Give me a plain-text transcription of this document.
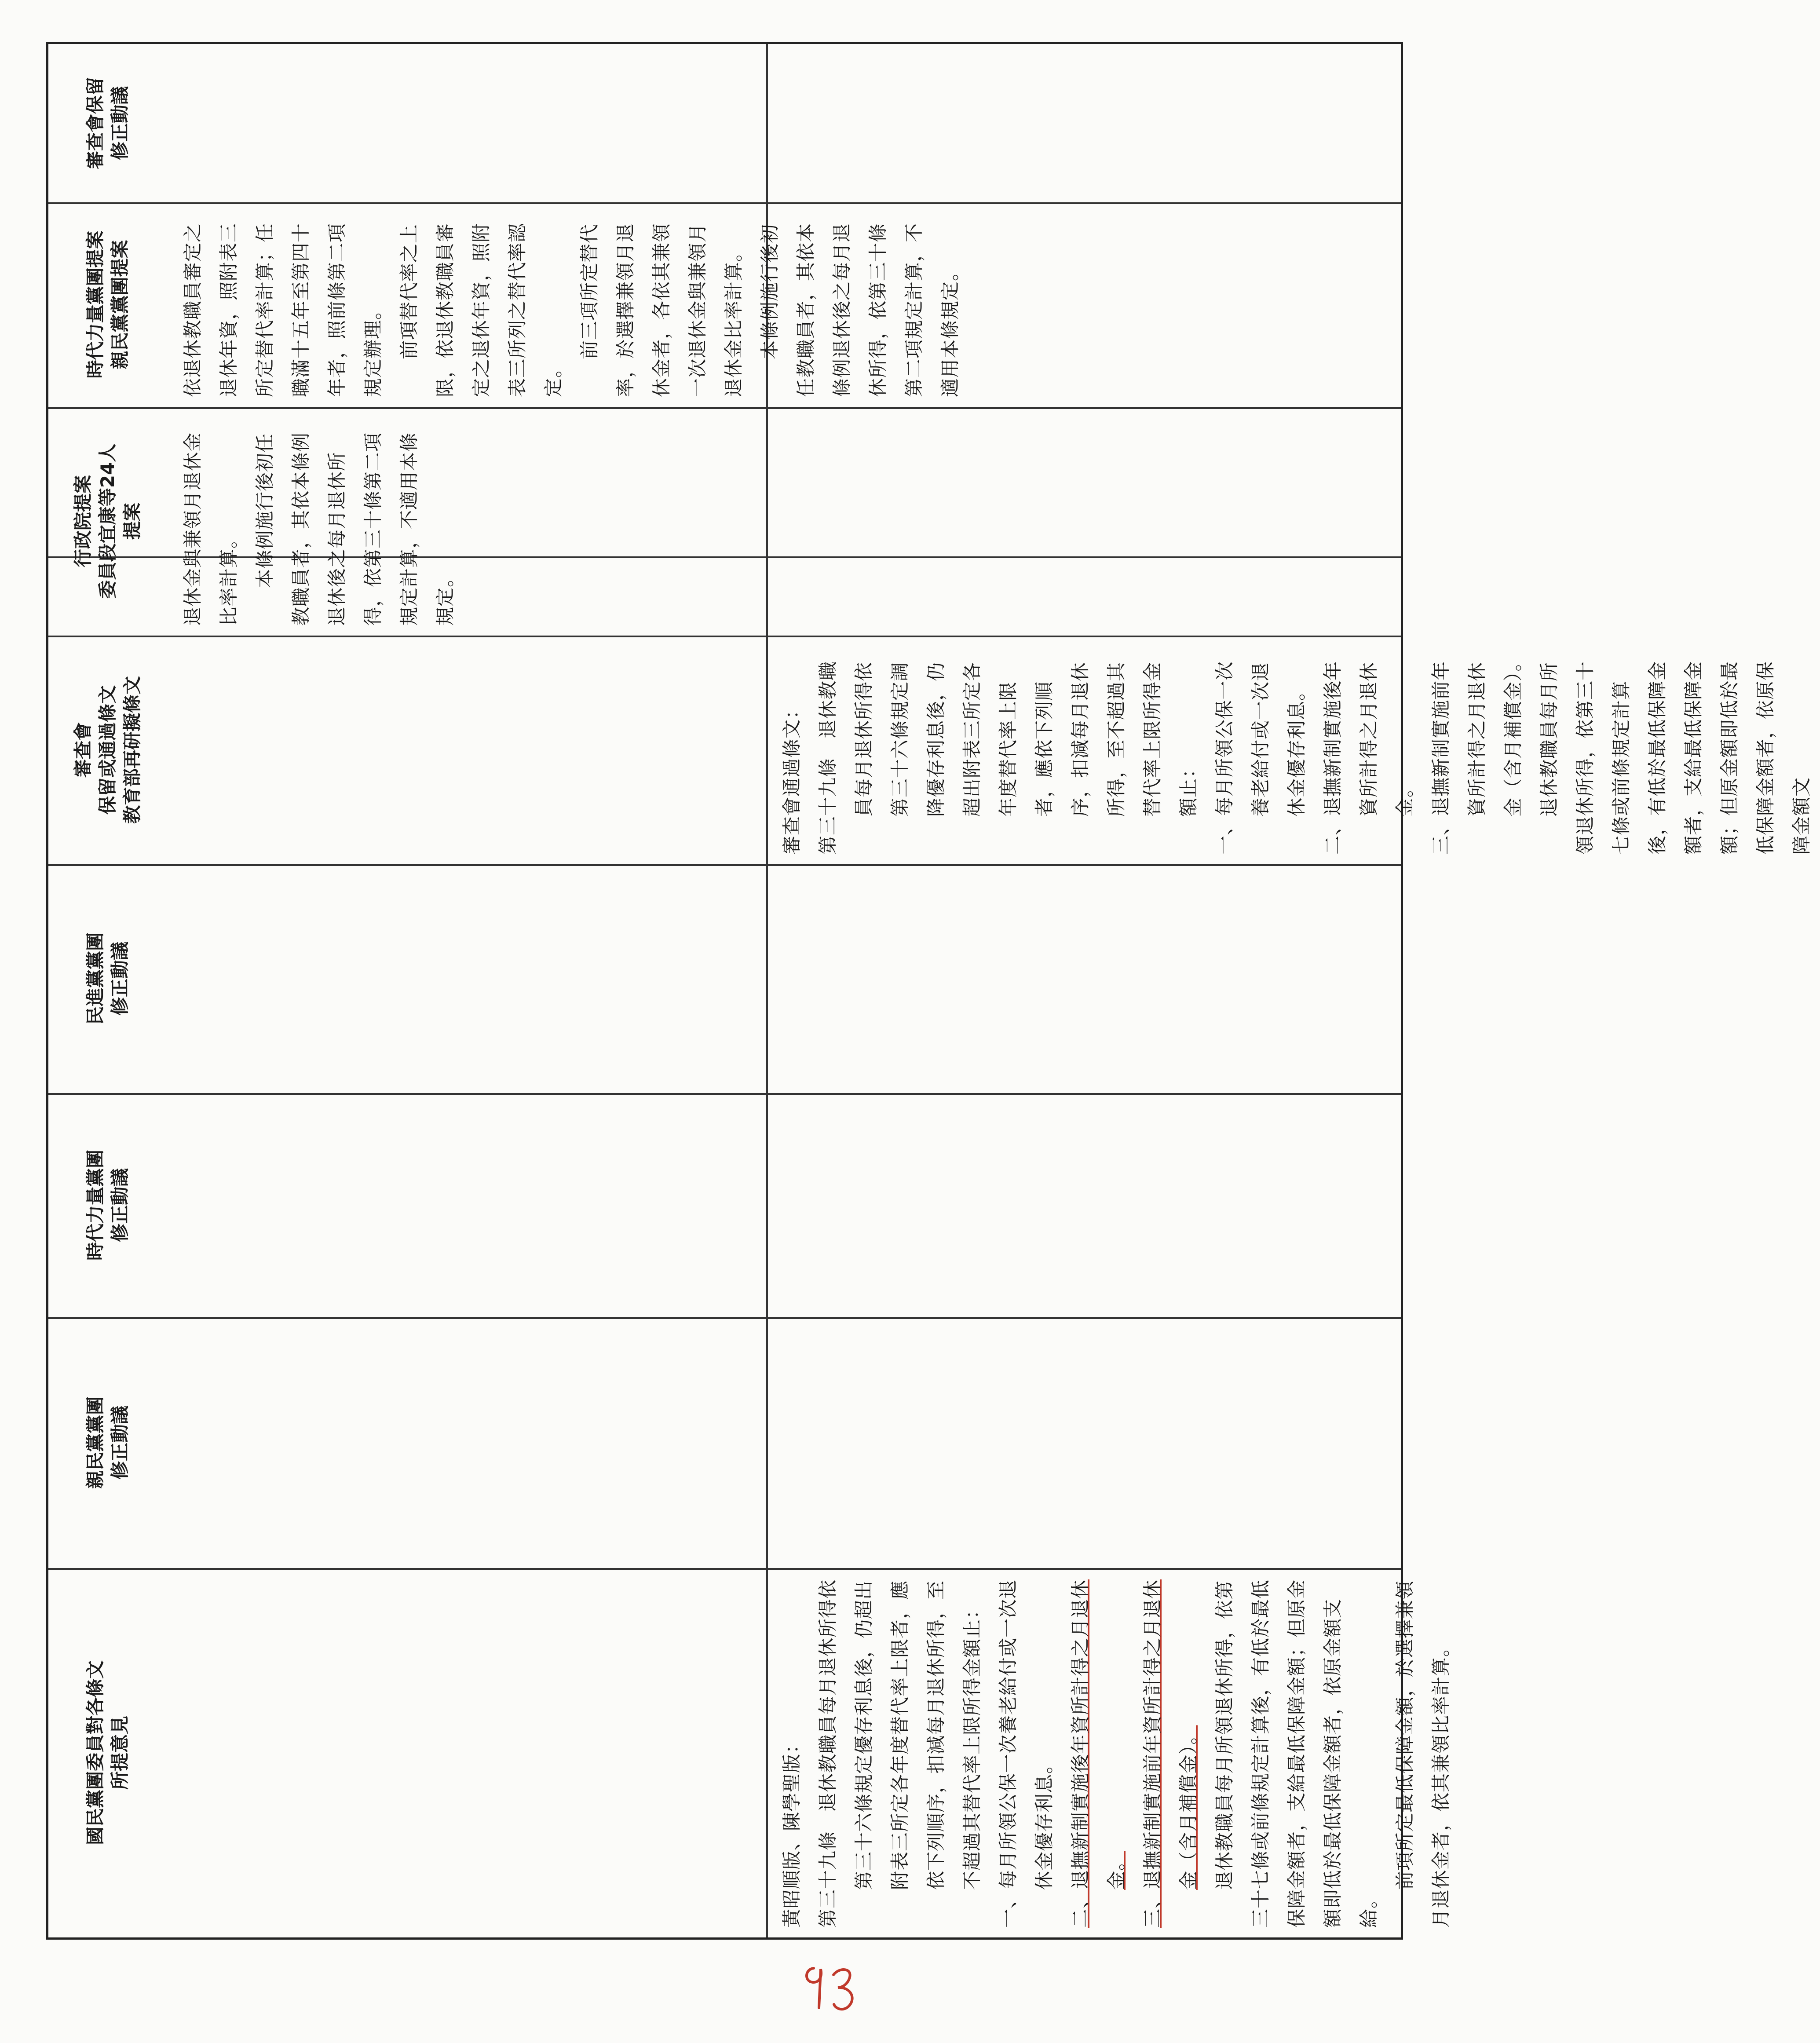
國民黨團委員對各條文 所提意見
親民黨黨團 修正動議
時代力量黨團 修正動議
民進黨黨團 修正動議
審查會 保留或通過條文 教育部再研擬條文
行政院提案 委員段宜康等24人 提案
時代力量黨團提案 親民黨黨團提案
審查會保留 修正動議

退休金與兼領月退休金比率計算。 本條例施行後初任教職員者，其依本條例退休後之每月退休所得，依第三十條第二項規定計算，不適用本條規定。

依退休教職員審定之退休年資，照附表三所定替代率計算；任職滿十五年至第四十年者，照前條第二項規定辦理。 前項替代率之上限，依退休教職員審定之退休年資，照附表三所列之替代率認定。

前三項所定替代率，於選擇兼領月退休金者，各依其兼領一次退休金與兼領月退休金比率計算。 本條例施行後初任教職員者，其依本條例退休後之每月退休所得，依第三十條第二項規定計算，不適用本條規定。

黃昭順版、陳學聖版： 第三十九條　退休教職員每月退休所得依第三十六條規定優存利息後，仍超出附表三所定各年度替代率上限者，應依下列順序，扣減每月退休所得，至不超過其替代率上限所得金額止： 一、每月所領公保一次養老給付或一次退休金優存利息。 二、退撫新制實施後年資所計得之月退休金。 三、退撫新制實施前年資所計得之月退休金（含月補償金）。 退休教職員每月所領退休所得，依第三十七條或前條規定計算後，有低於最低保障金額者，支給最低保障金額；但原金額即低於最低保障金額者，依原金額支給。

前項所定最低保障金額，於選擇兼領月退休金者，依其兼領比率計算。

審查會通過條文： 第三十九條　退休教職員每月退休所得依第三十六條規定調降優存利息後，仍超出附表三所定各年度替代率上限者，應依下列順序，扣減每月退休所得，至不超過其替代率上限所得金額止： 一、每月所領公保一次養老給付或一次退休金優存利息。 二、退撫新制實施後年資所計得之月退休金。 三、退撫新制實施前年資所計得之月退休金（含月補償金）。 退休教職員每月所領退休所得，依第三十七條或前條規定計算後，有低於最低保障金額者，支給最低保障金額；但原金額即低於最低保障金額者，依原保障金額文

39
